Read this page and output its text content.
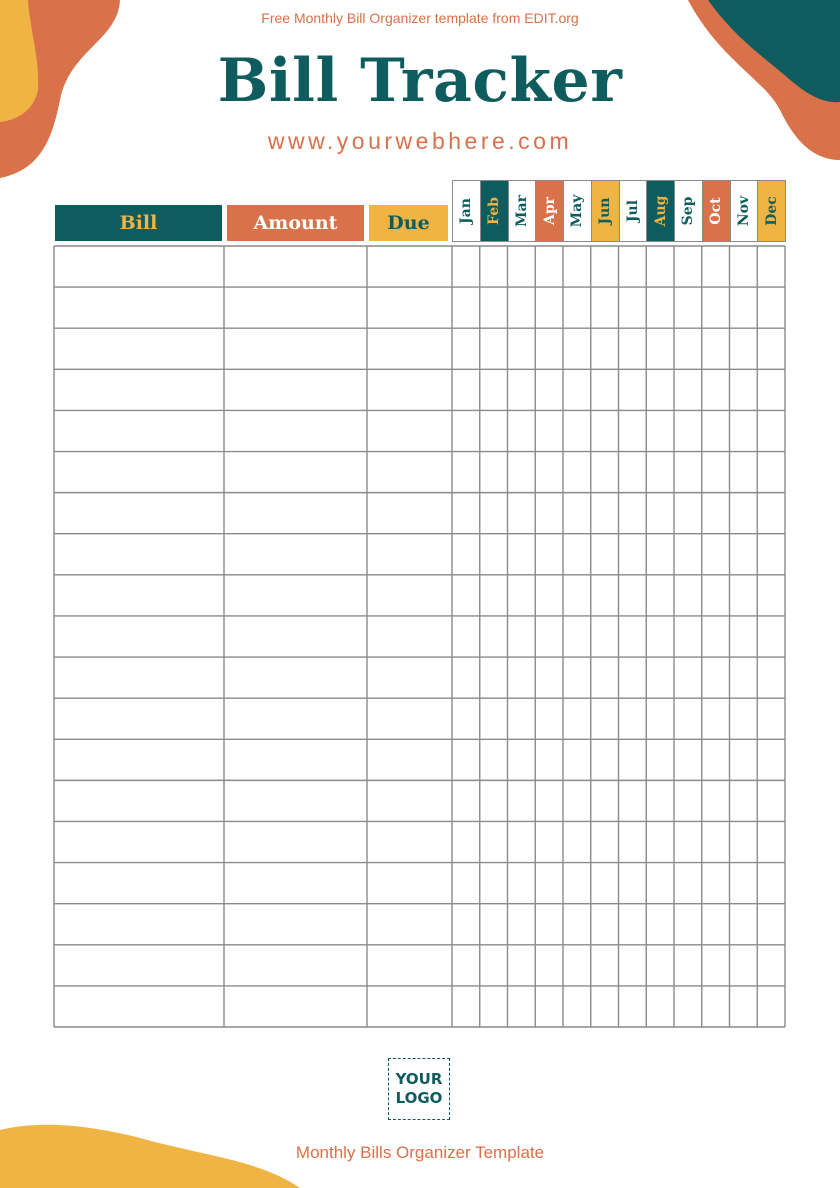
Free Monthly Bill Organizer template from EDIT.org
Bill Tracker
www.yourwebhere.com
Bill	Amount	Due Jan Feb Mar Apr May Jun Jul Aug Sep Oct Nov Dec
YOUR
LOGO
Monthly Bills Organizer Template
